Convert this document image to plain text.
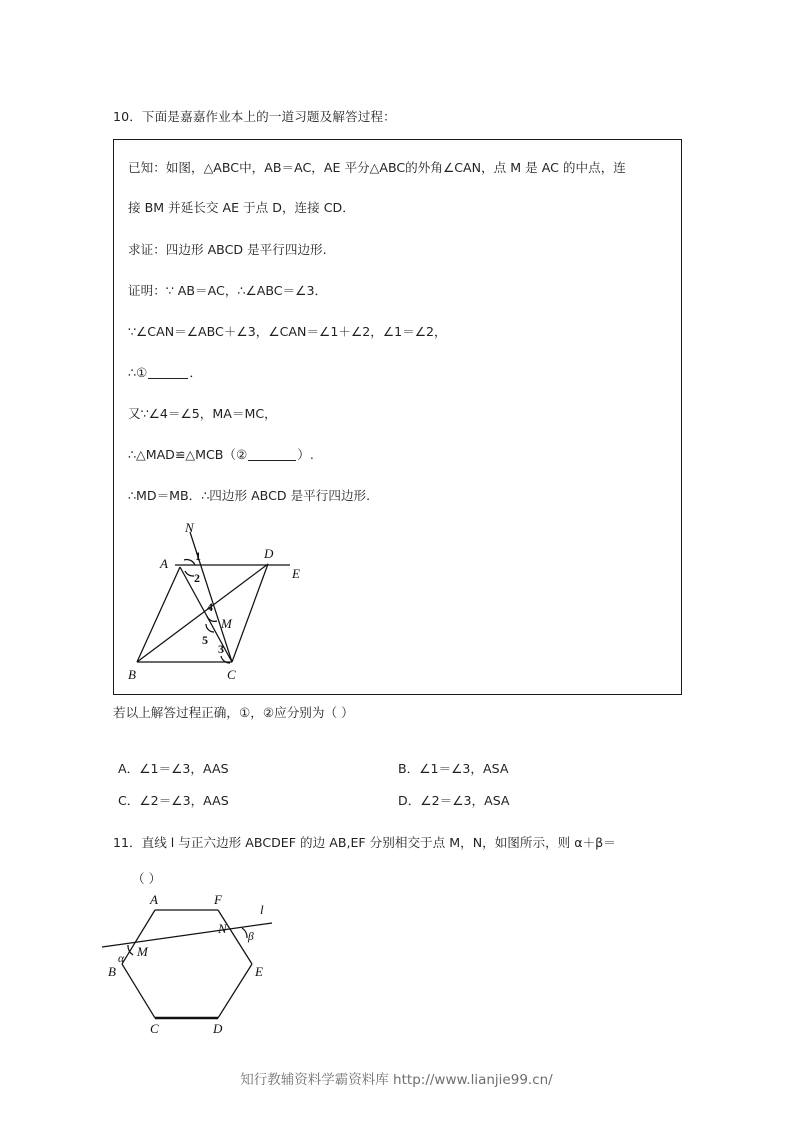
10．下面是嘉嘉作业本上的一道习题及解答过程：
已知：如图，△ABC中，AB＝AC，AE 平分△ABC的外角∠CAN，点 M 是 AC 的中点，连
接 BM 并延长交 AE 于点 D，连接 CD．
求证：四边形 ABCD 是平行四边形.
证明：∵ AB＝AC，∴∠ABC＝∠3．
∵∠CAN＝∠ABC＋∠3，∠CAN＝∠1＋∠2，∠1＝∠2，
∴①	．
又∵∠4＝∠5，MA＝MC，
∴△MAD≌△MCB（②	）.
∴MD＝MB．∴四边形 ABCD 是平行四边形.
N
A
D
E
M
B	C
1
2
4
5
3
若以上解答过程正确，①，②应分别为（ ）
A．∠1＝∠3，AAS	B．∠1＝∠3，ASA
C．∠2＝∠3，AAS	D．∠2＝∠3，ASA
11．直线 l 与正六边形 ABCDEF 的边 AB,EF 分别相交于点 M，N，如图所示，则 α＋β＝
（ ）
A	F
B	E
C	D
M
N
l
α
β
知行教辅资料学霸资料库 http://www.lianjie99.cn/
